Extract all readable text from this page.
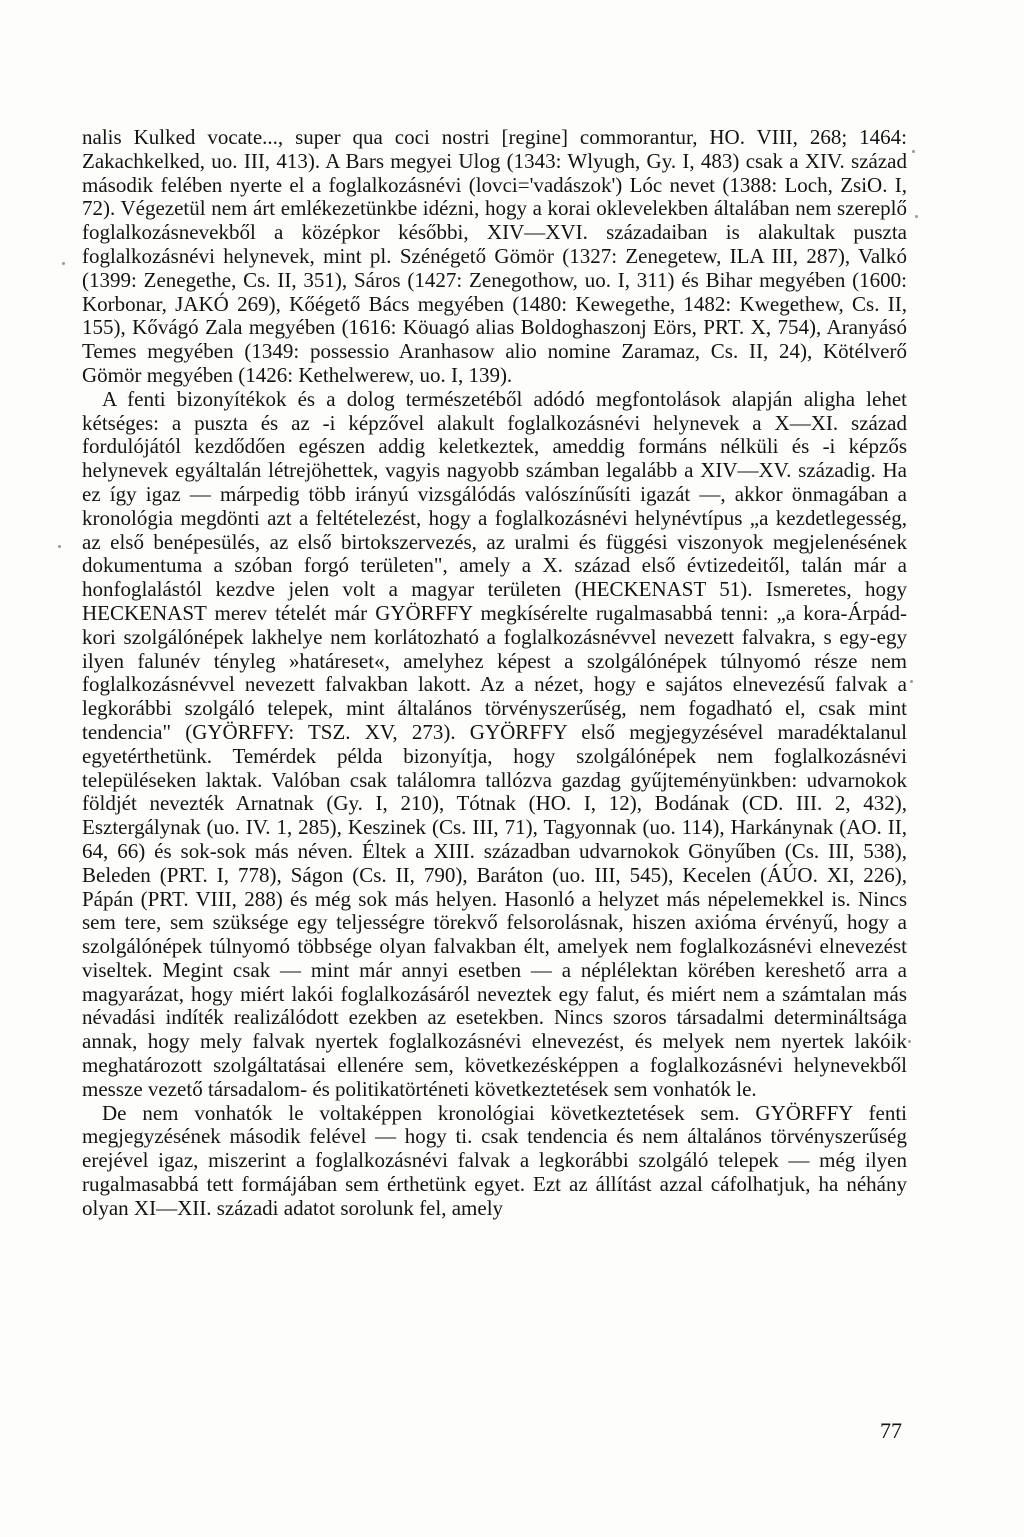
nalis Kulked vocate..., super qua coci nostri [regine] commorantur, HO. VIII, 268; 1464: Zakachkelked, uo. III, 413). A Bars megyei Ulog (1343: Wlyugh, Gy. I, 483) csak a XIV. század második felében nyerte el a foglalkozásnévi (lovci='vadászok') Lóc nevet (1388: Loch, ZsiO. I, 72). Végezetül nem árt emlékezetünkbe idézni, hogy a korai oklevelekben általában nem szereplő foglalkozásnevekből a középkor későbbi, XIV—XVI. századaiban is alakultak puszta foglalkozásnévi helynevek, mint pl. Szénégető Gömör (1327: Zenegetew, ILA III, 287), Valkó (1399: Zenegethe, Cs. II, 351), Sáros (1427: Zenegothow, uo. I, 311) és Bihar megyében (1600: Korbonar, JAKÓ 269), Kőégető Bács megyében (1480: Kewegethe, 1482: Kwegethew, Cs. II, 155), Kővágó Zala megyében (1616: Köuagó alias Boldoghaszonj Eörs, PRT. X, 754), Aranyásó Temes megyében (1349: possessio Aranhasow alio nomine Zaramaz, Cs. II, 24), Kötélverő Gömör megyében (1426: Kethelwerew, uo. I, 139).

A fenti bizonyítékok és a dolog természetéből adódó megfontolások alapján aligha lehet kétséges: a puszta és az -i képzővel alakult foglalkozásnévi helynevek a X—XI. század fordulójától kezdődően egészen addig keletkeztek, ameddig formáns nélküli és -i képzős helynevek egyáltalán létrejöhettek, vagyis nagyobb számban legalább a XIV—XV. századig. Ha ez így igaz — márpedig több irányú vizsgálódás valószínűsíti igazát —, akkor önmagában a kronológia megdönti azt a feltételezést, hogy a foglalkozásnévi helynévtípus „a kezdetlegesség, az első benépesülés, az első birtokszervezés, az uralmi és függési viszonyok megjelenésének dokumentuma a szóban forgó területen", amely a X. század első évtizedeitől, talán már a honfoglalástól kezdve jelen volt a magyar területen (HECKENAST 51). Ismeretes, hogy HECKENAST merev tételét már GYÖRFFY megkísérelte rugalmasabbá tenni: „a kora-Árpád-kori szolgálónépek lakhelye nem korlátozható a foglalkozásnévvel nevezett falvakra, s egy-egy ilyen falunév tényleg »határeset«, amelyhez képest a szolgálónépek túlnyomó része nem foglalkozásnévvel nevezett falvakban lakott. Az a nézet, hogy e sajátos elnevezésű falvak a legkorábbi szolgáló telepek, mint általános törvényszerűség, nem fogadható el, csak mint tendencia" (GYÖRFFY: TSZ. XV, 273). GYÖRFFY első megjegyzésével maradéktalanul egyetérthetünk. Temérdek példa bizonyítja, hogy szolgálónépek nem foglalkozásnévi településeken laktak. Valóban csak találomra tallózva gazdag gyűjteményünkben: udvarnokok földjét nevezték Arnatnak (Gy. I, 210), Tótnak (HO. I, 12), Bodának (CD. III. 2, 432), Esztergálynak (uo. IV. 1, 285), Keszinek (Cs. III, 71), Tagyonnak (uo. 114), Harkánynak (AO. II, 64, 66) és sok-sok más néven. Éltek a XIII. században udvarnokok Gönyűben (Cs. III, 538), Beleden (PRT. I, 778), Ságon (Cs. II, 790), Baráton (uo. III, 545), Kecelen (ÁÚO. XI, 226), Pápán (PRT. VIII, 288) és még sok más helyen. Hasonló a helyzet más népelemekkel is. Nincs sem tere, sem szüksége egy teljességre törekvő felsorolásnak, hiszen axióma érvényű, hogy a szolgálónépek túlnyomó többsége olyan falvakban élt, amelyek nem foglalkozásnévi elnevezést viseltek. Megint csak — mint már annyi esetben — a néplélektan körében kereshető arra a magyarázat, hogy miért lakói foglalkozásáról neveztek egy falut, és miért nem a számtalan más névadási indíték realizálódott ezekben az esetekben. Nincs szoros társadalmi determináltsága annak, hogy mely falvak nyertek foglalkozásnévi elnevezést, és melyek nem nyertek lakóik meghatározott szolgáltatásai ellenére sem, következésképpen a foglalkozásnévi helynevekből messze vezető társadalom- és politikatörténeti következtetések sem vonhatók le.

De nem vonhatók le voltaképpen kronológiai következtetések sem. GYÖRFFY fenti megjegyzésének második felével — hogy ti. csak tendencia és nem általános törvényszerűség erejével igaz, miszerint a foglalkozásnévi falvak a legkorábbi szolgáló telepek — még ilyen rugalmasabbá tett formájában sem érthetünk egyet. Ezt az állítást azzal cáfolhatjuk, ha néhány olyan XI—XII. századi adatot sorolunk fel, amely

77
